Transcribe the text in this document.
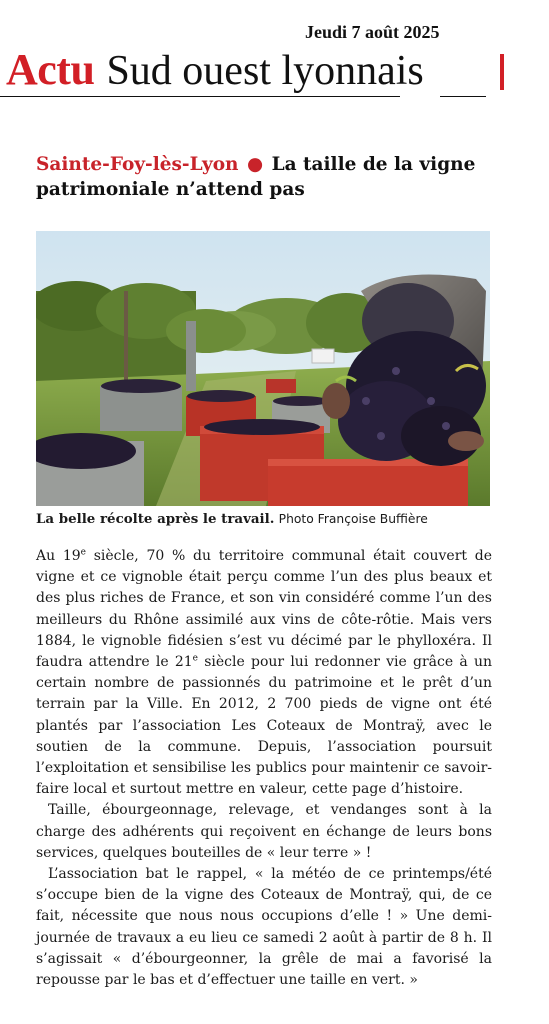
Jeudi 7 août 2025
Actu Sud ouest lyonnais
Sainte-Foy-lès-Lyon ● La taille de la vigne patrimoniale n’attend pas
La belle récolte après le travail. Photo Françoise Buffière

Au 19e siècle, 70 % du territoire communal était couvert de vigne et ce vignoble était perçu comme l’un des plus beaux et des plus riches de France, et son vin considéré comme l’un des meilleurs du Rhône assimilé aux vins de côte-rôtie. Mais vers 1884, le vignoble fidésien s’est vu décimé par le phylloxéra. Il faudra attendre le 21e siècle pour lui redonner vie grâce à un certain nombre de passionnés du patrimoine et le prêt d’un terrain par la Ville. En 2012, 2 700 pieds de vigne ont été plantés par l’association Les Coteaux de Montraÿ, avec le soutien de la commune. Depuis, l’association poursuit l’exploitation et sensibilise les publics pour maintenir ce savoir-faire local et surtout mettre en valeur, cette page d’histoire.

Taille, ébourgeonnage, relevage, et vendanges sont à la charge des adhérents qui reçoivent en échange de leurs bons services, quelques bouteilles de « leur terre » !

L’association bat le rappel, « la météo de ce printemps/été s’occupe bien de la vigne des Coteaux de Montraÿ, qui, de ce fait, nécessite que nous nous occupions d’elle ! » Une demi-journée de travaux a eu lieu ce samedi 2 août à partir de 8 h. Il s’agissait « d’ébourgeonner, la grêle de mai a favorisé la repousse par le bas et d’effectuer une taille en vert. »
